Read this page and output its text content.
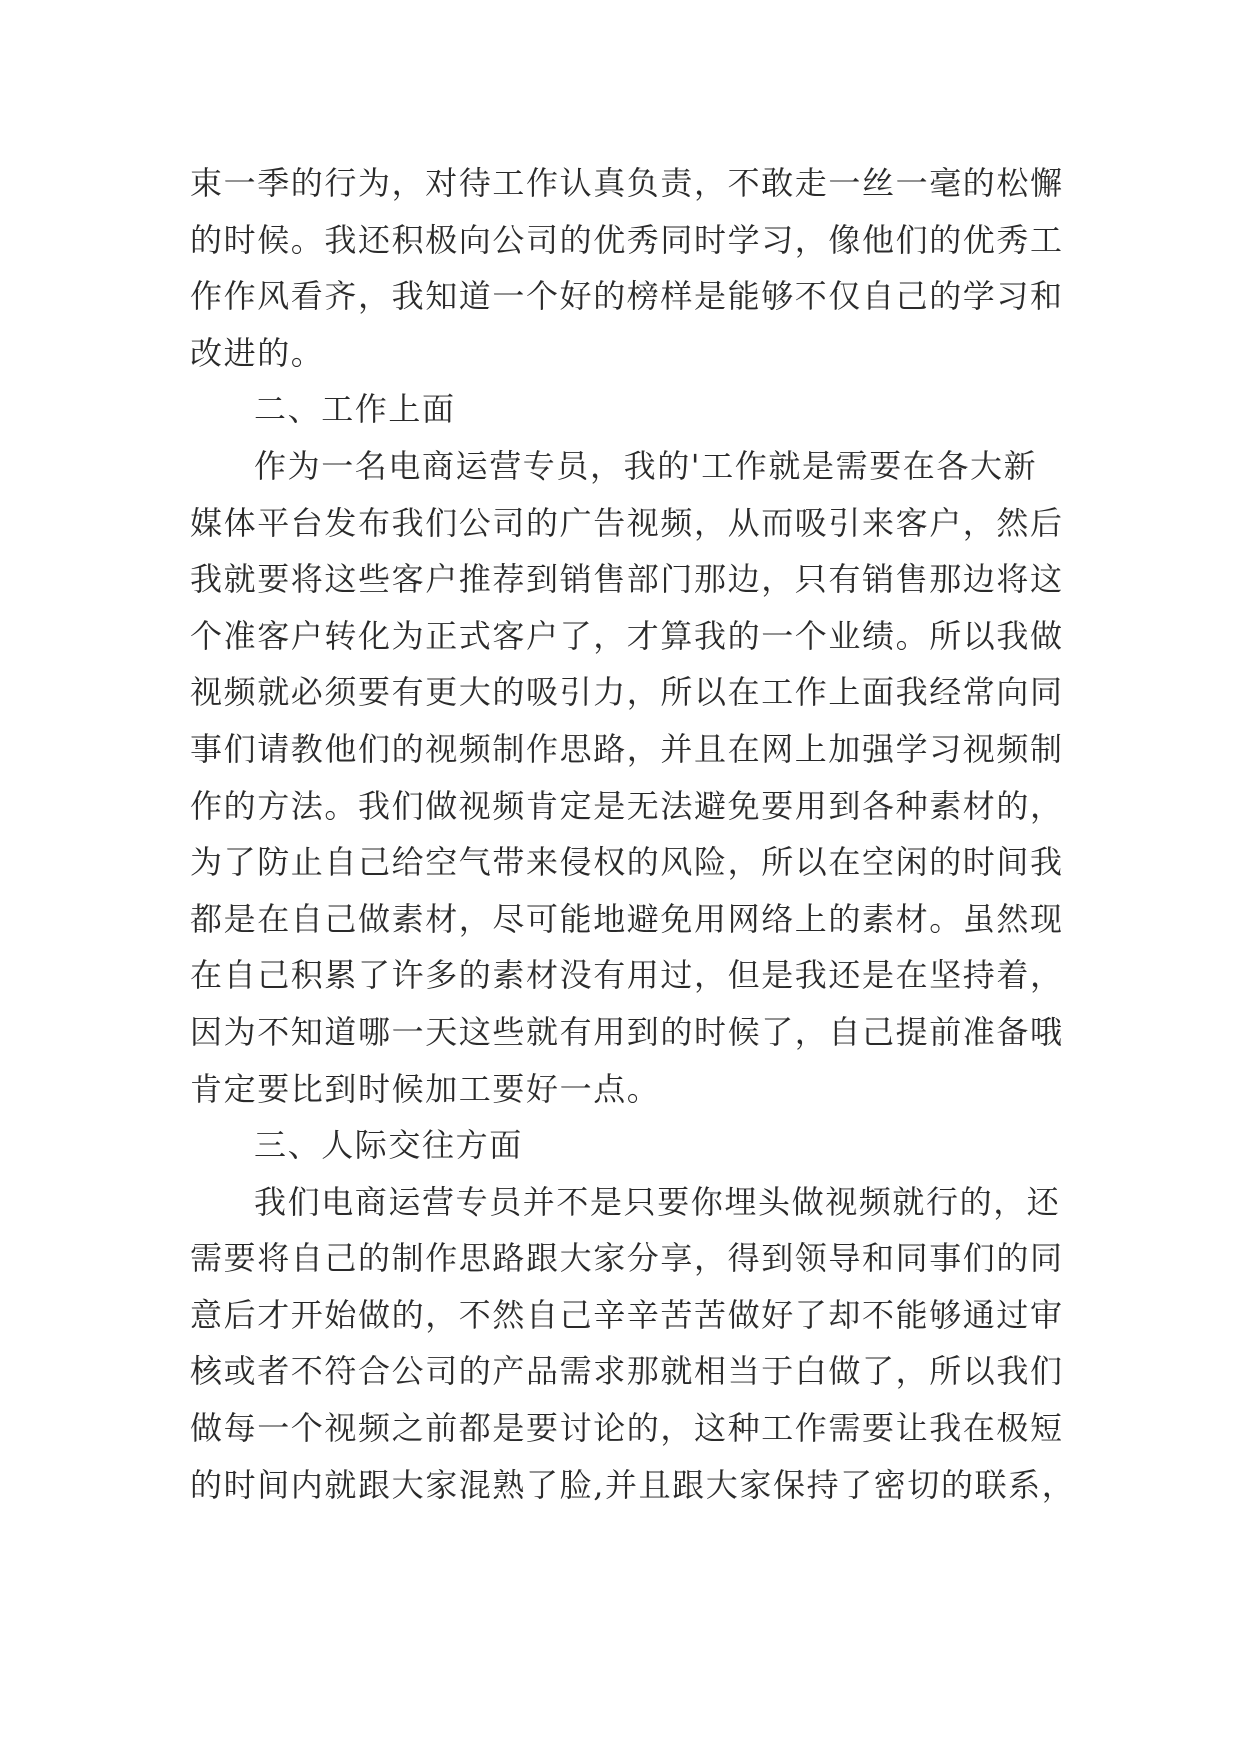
束一季的行为，对待工作认真负责，不敢走一丝一毫的松懈
的时候。我还积极向公司的优秀同时学习，像他们的优秀工
作作风看齐，我知道一个好的榜样是能够不仅自己的学习和
改进的。
二、工作上面
作为一名电商运营专员，我的'工作就是需要在各大新
媒体平台发布我们公司的广告视频，从而吸引来客户，然后
我就要将这些客户推荐到销售部门那边，只有销售那边将这
个准客户转化为正式客户了，才算我的一个业绩。所以我做
视频就必须要有更大的吸引力，所以在工作上面我经常向同
事们请教他们的视频制作思路，并且在网上加强学习视频制
作的方法。我们做视频肯定是无法避免要用到各种素材的，
为了防止自己给空气带来侵权的风险，所以在空闲的时间我
都是在自己做素材，尽可能地避免用网络上的素材。虽然现
在自己积累了许多的素材没有用过，但是我还是在坚持着，
因为不知道哪一天这些就有用到的时候了，自己提前准备哦
肯定要比到时候加工要好一点。
三、人际交往方面
我们电商运营专员并不是只要你埋头做视频就行的，还
需要将自己的制作思路跟大家分享，得到领导和同事们的同
意后才开始做的，不然自己辛辛苦苦做好了却不能够通过审
核或者不符合公司的产品需求那就相当于白做了，所以我们
做每一个视频之前都是要讨论的，这种工作需要让我在极短
的时间内就跟大家混熟了脸,并且跟大家保持了密切的联系，
